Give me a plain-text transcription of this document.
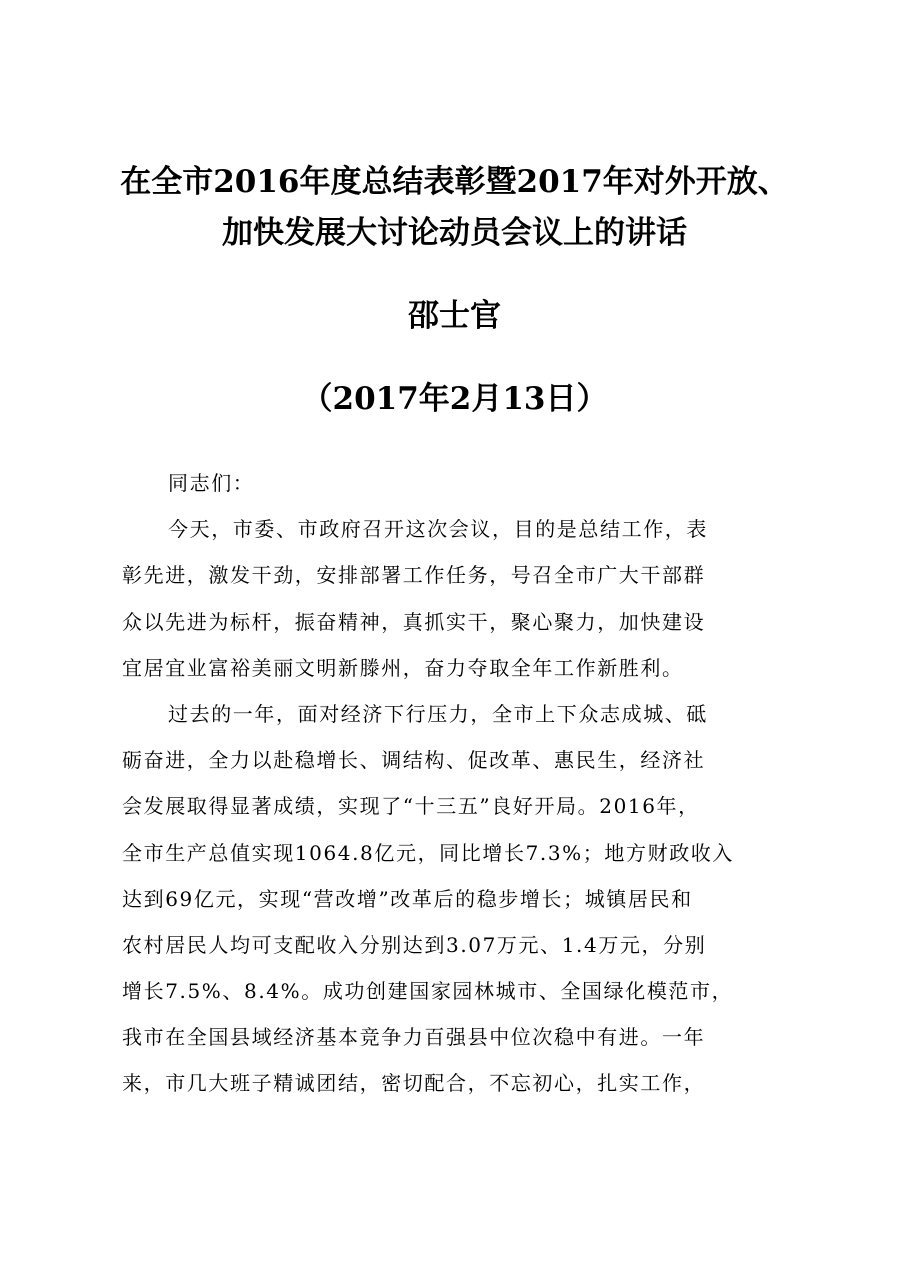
在全市2016年度总结表彰暨2017年对外开放、
加快发展大讨论动员会议上的讲话
邵士官
（2017年2月13日）
同志们：
今天，市委、市政府召开这次会议，目的是总结工作，表
彰先进，激发干劲，安排部署工作任务，号召全市广大干部群
众以先进为标杆，振奋精神，真抓实干，聚心聚力，加快建设
宜居宜业富裕美丽文明新滕州，奋力夺取全年工作新胜利。
过去的一年，面对经济下行压力，全市上下众志成城、砥
砺奋进，全力以赴稳增长、调结构、促改革、惠民生，经济社
会发展取得显著成绩，实现了“十三五”良好开局。2016年，
全市生产总值实现1064.8亿元，同比增长7.3%；地方财政收入
达到69亿元，实现“营改增”改革后的稳步增长；城镇居民和
农村居民人均可支配收入分别达到3.07万元、1.4万元，分别
增长7.5%、8.4%。成功创建国家园林城市、全国绿化模范市，
我市在全国县域经济基本竞争力百强县中位次稳中有进。一年
来，市几大班子精诚团结，密切配合，不忘初心，扎实工作，
